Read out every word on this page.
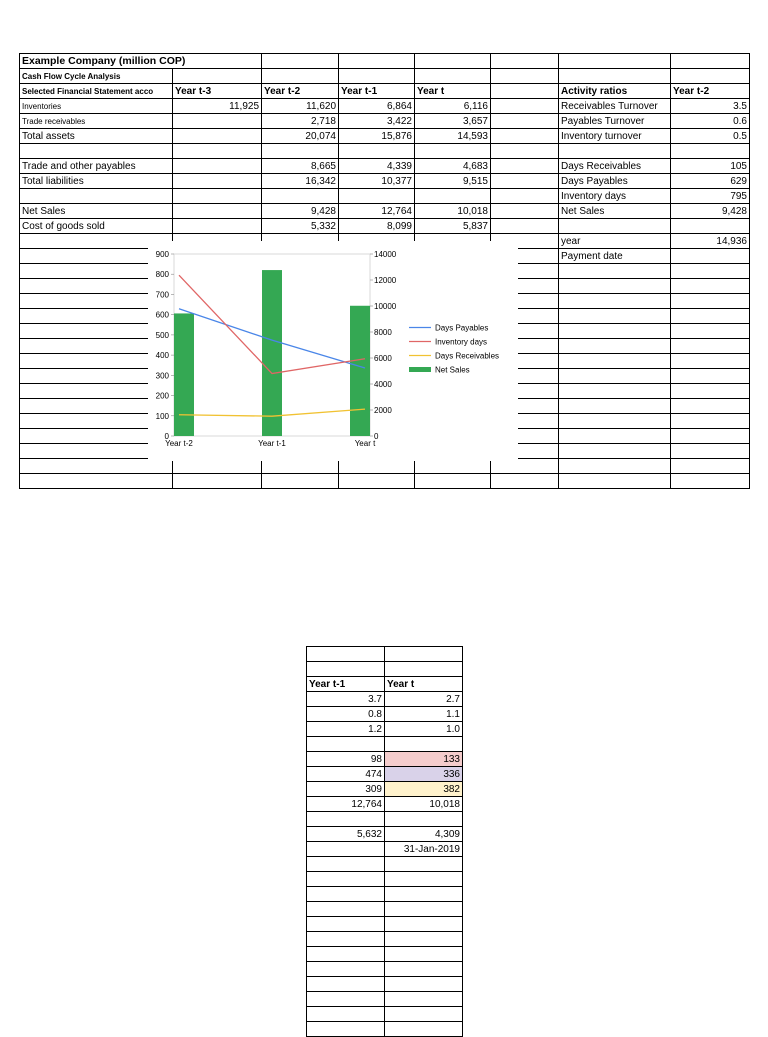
Example Company (million COP)							
Cash Flow Cycle Analysis							
Selected Financial Statement acco	Year t-3	Year t-2	Year t-1	Year t		Activity ratios	Year t-2
Inventories	11,925	11,620	6,864	6,116		Receivables Turnover	3.5
Trade receivables		2,718	3,422	3,657		Payables Turnover	0.6
Total assets		20,074	15,876	14,593		Inventory turnover	0.5

Trade and other payables		8,665	4,339	4,683		Days Receivables	105
Total liabilities		16,342	10,377	9,515		Days Payables	629
						Inventory days	795
Net Sales		9,428	12,764	10,018		Net Sales	9,428
Cost of goods sold		5,332	8,099	5,837			
						year	14,936
						Payment date	

0
100
200
300
400
500
600
700
800
900
0
2000
4000
6000
8000
10000
12000
14000
Year t-2	Year t-1	Year t
Days Payables
Inventory days
Days Receivables
Net Sales

Year t-1	Year t
3.7	2.7
0.8	1.1
1.2	1.0

98	133
474	336
309	382
12,764	10,018

5,632	4,309
	31-Jan-2019
